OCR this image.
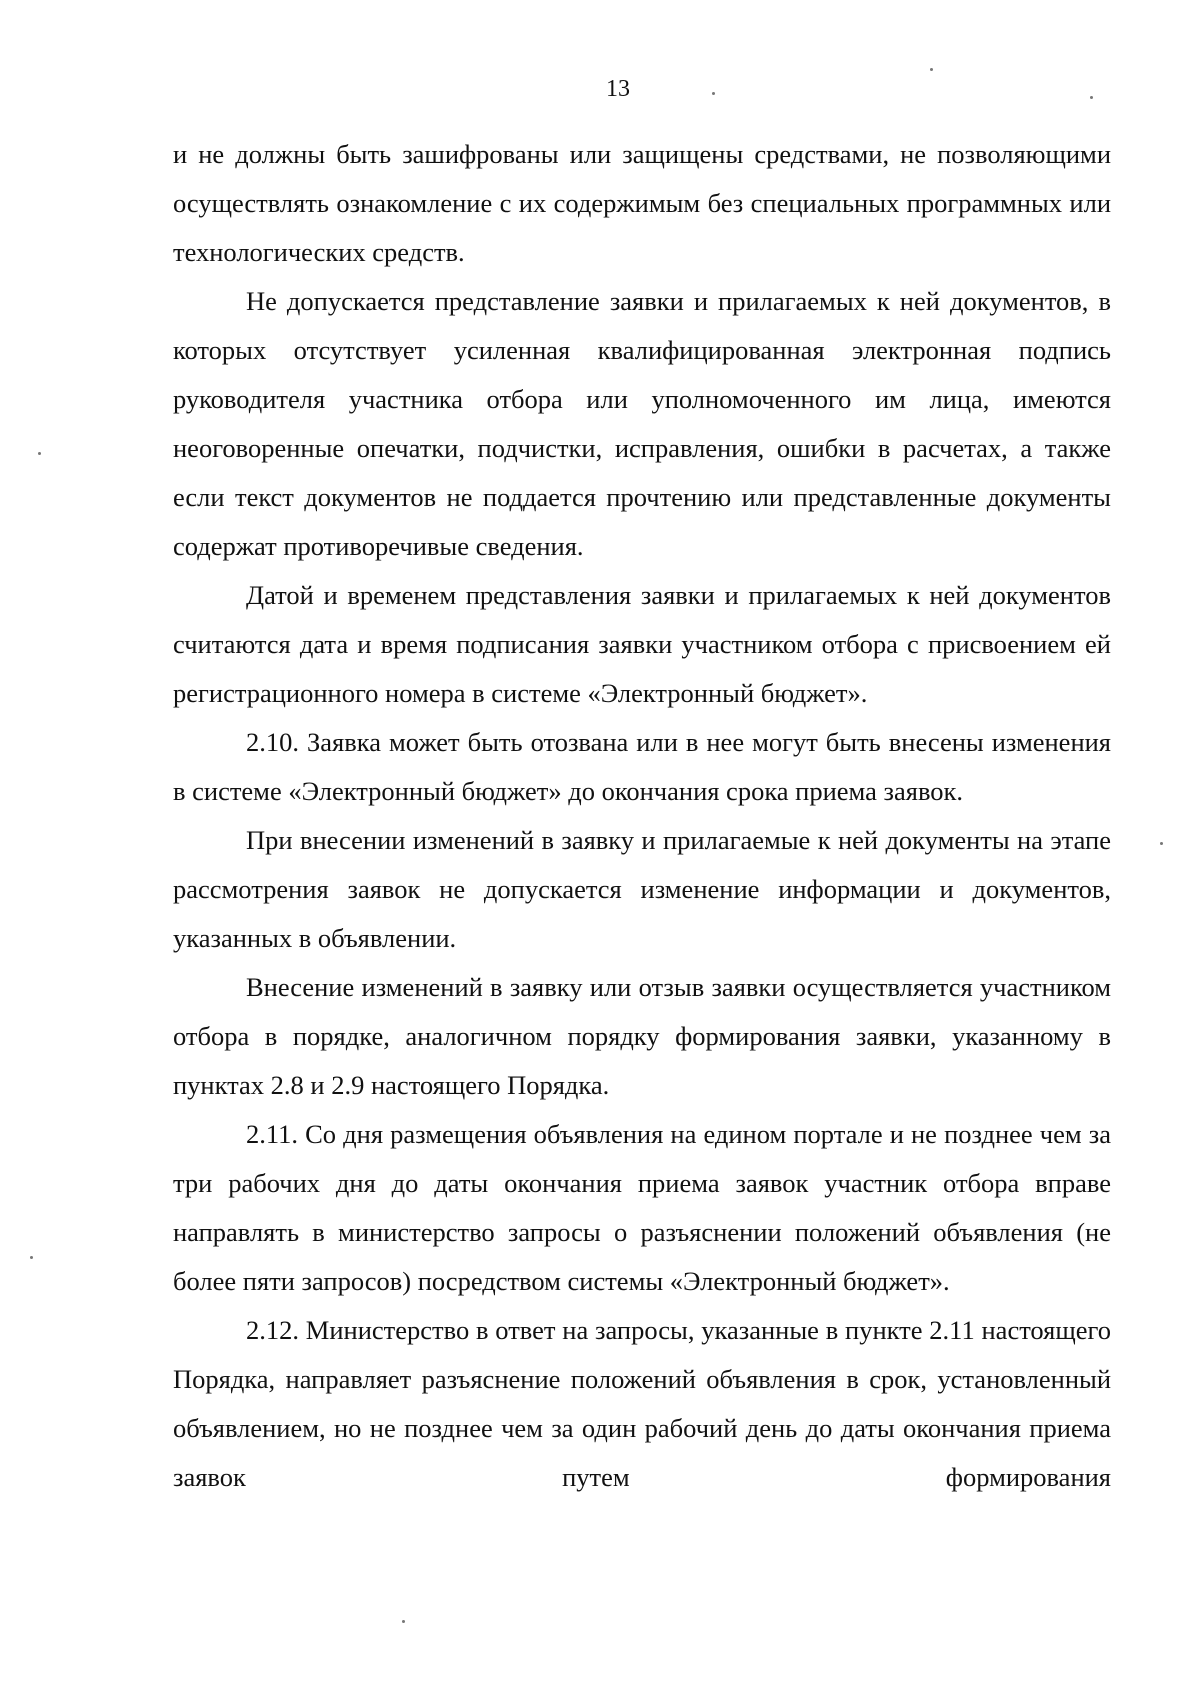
13

и не должны быть зашифрованы или защищены средствами, не позволяющими осуществлять ознакомление с их содержимым без специальных программных или технологических средств.

Не допускается представление заявки и прилагаемых к ней документов, в которых отсутствует усиленная квалифицированная электронная подпись руководителя участника отбора или уполномоченного им лица, имеются неоговоренные опечатки, подчистки, исправления, ошибки в расчетах, а также если текст документов не поддается прочтению или представленные документы содержат противоречивые сведения.

Датой и временем представления заявки и прилагаемых к ней документов считаются дата и время подписания заявки участником отбора с присвоением ей регистрационного номера в системе «Электронный бюджет».

2.10. Заявка может быть отозвана или в нее могут быть внесены изменения в системе «Электронный бюджет» до окончания срока приема заявок.

При внесении изменений в заявку и прилагаемые к ней документы на этапе рассмотрения заявок не допускается изменение информации и документов, указанных в объявлении.

Внесение изменений в заявку или отзыв заявки осуществляется участником отбора в порядке, аналогичном порядку формирования заявки, указанному в пунктах 2.8 и 2.9 настоящего Порядка.

2.11. Со дня размещения объявления на едином портале и не позднее чем за три рабочих дня до даты окончания приема заявок участник отбора вправе направлять в министерство запросы о разъяснении положений объявления (не более пяти запросов) посредством системы «Электронный бюджет».

2.12. Министерство в ответ на запросы, указанные в пункте 2.11 настоящего Порядка, направляет разъяснение положений объявления в срок, установленный объявлением, но не позднее чем за один рабочий день до даты окончания приема заявок путем формирования
